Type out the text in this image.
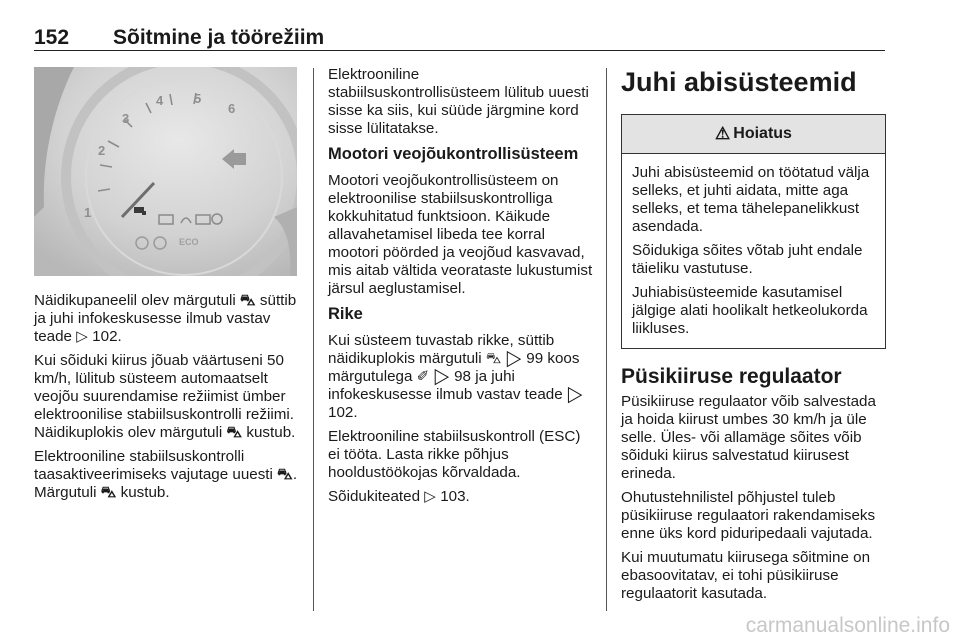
152 Sõitmine ja töörežiim
1
2
3
4 5
6
ECO

Näidikupaneelil olev märgutuli ⛍ süttib ja juhi infokeskusesse ilmub vastav teade ▷ 102.

Kui sõiduki kiirus jõuab väärtuseni 50 km/h, lülitub süsteem automaatselt veojõu suurendamise režiimist ümber elektroonilise stabiilsuskontrolli režiimi. Näidikuplokis olev märgutuli ⛍ kustub.

Elektrooniline stabiilsuskontrolli taasaktiveerimiseks vajutage uuesti ⛍. Märgutuli ⛍ kustub.

Elektrooniline stabiilsuskontrollisüsteem lülitub uuesti sisse ka siis, kui süüde järgmine kord sisse lülitatakse.

Mootori veojõukontrollisüsteem

Mootori veojõukontrollisüsteem on elektroonilise stabiilsuskontrolliga kokkuhitatud funktsioon. Käikude allavahetamisel libeda tee korral mootori pöörded ja veojõud kasvavad, mis aitab vältida veorataste lukustumist järsul aeglustamisel.

Rike

Kui süsteem tuvastab rikke, süttib näidikuplokis märgutuli ⛍ ▷ 99 koos märgutulega ✐ ▷ 98 ja juhi infokeskusesse ilmub vastav teade ▷ 102.

Elektrooniline stabiilsuskontroll (ESC) ei tööta. Lasta rikke põhjus hooldustöökojas kõrvaldada.

Sõidukiteated ▷ 103.

Juhi abisüsteemid
⚠ Hoiatus

Juhi abisüsteemid on töötatud välja selleks, et juhti aidata, mitte aga selleks, et tema tähelepanelikkust asendada.

Sõidukiga sõites võtab juht endale täieliku vastutuse.

Juhiabisüsteemide kasutamisel jälgige alati hoolikalt hetkeolukorda liikluses.

Püsikiiruse regulaator

Püsikiiruse regulaator võib salvestada ja hoida kiirust umbes 30 km/h ja üle selle. Üles- või allamäge sõites võib sõiduki kiirus salvestatud kiirusest erineda.

Ohutustehnilistel põhjustel tuleb püsikiiruse regulaatori rakendamiseks enne üks kord piduripedaali vajutada.

Kui muutumatu kiirusega sõitmine on ebasoovitatav, ei tohi püsikiiruse regulaatorit kasutada.

carmanualsonline.info
